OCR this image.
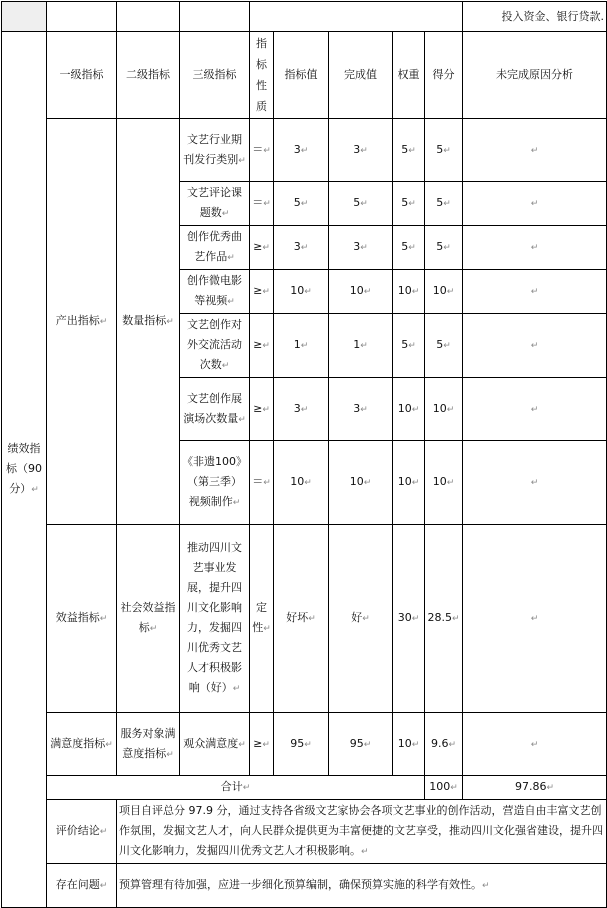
									投入资金、银行贷款.	
绩效指标（90分）↵	一级指标	二级指标	三级指标	指标性质	指标值	完成值	权重	得分	未完成原因分析	
	产出指标↵	数量指标↵	文艺行业期刊发行类别↵	＝↵	3↵	3↵	5↵	5↵	↵	
			文艺评论课题数↵	＝↵	5↵	5↵	5↵	5↵	↵	
			创作优秀曲艺作品↵	≥↵	3↵	3↵	5↵	5↵	↵	
			创作微电影等视频↵	≥↵	10↵	10↵	10↵	10↵	↵	
			文艺创作对外交流活动次数↵	≥↵	1↵	1↵	5↵	5↵	↵	
			文艺创作展演场次数量↵	≥↵	3↵	3↵	10↵	10↵	↵	
			《非遗100》（第三季）视频制作↵	＝↵	10↵	10↵	10↵	10↵	↵	
	效益指标↵	社会效益指标↵	推动四川文艺事业发展，提升四川文化影响力，发掘四川优秀文艺人才积极影响（好）↵	定性↵	好坏↵	好↵	30↵	28.5↵	↵	
	满意度指标↵	服务对象满意度指标↵	观众满意度↵	≥↵	95↵	95↵	10↵	9.6↵	↵	
	合计↵							100↵	97.86↵	
	评价结论↵	项目自评总分 97.9 分，通过支持各省级文艺家协会各项文艺事业的创作活动，营造自由丰富文艺创作氛围，发掘文艺人才，向人民群众提供更为丰富便捷的文艺享受，推动四川文化强省建设，提升四川文化影响力，发掘四川优秀文艺人才积极影响。↵								
	存在问题↵	预算管理有待加强，应进一步细化预算编制，确保预算实施的科学有效性。↵								
